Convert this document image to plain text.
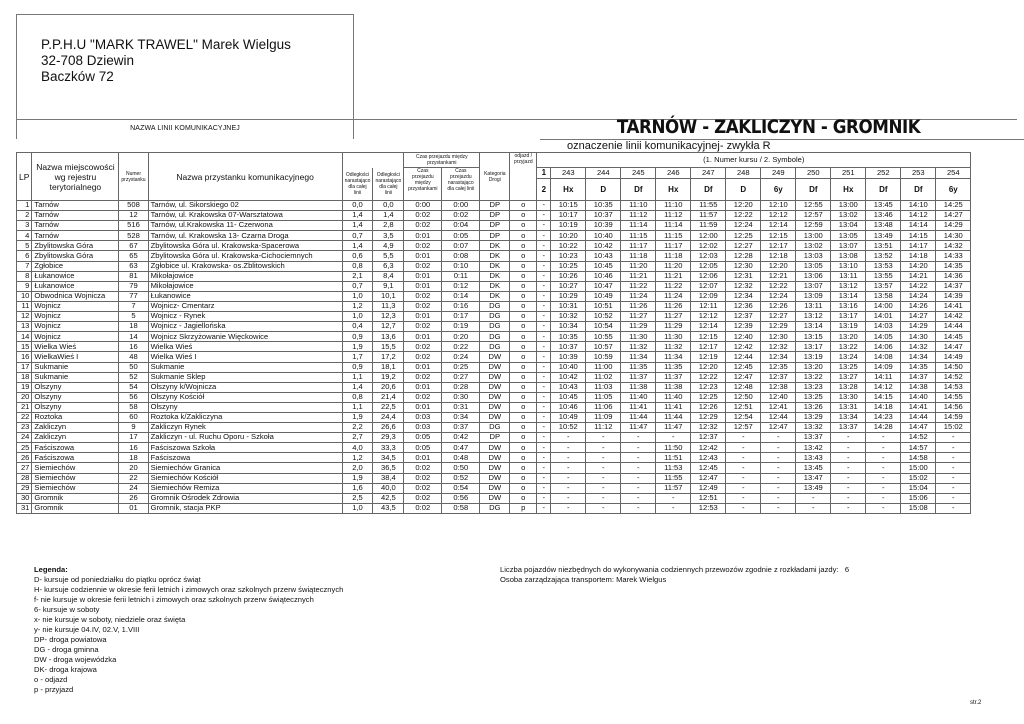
P.P.H.U "MARK TRAWEL" Marek Wielgus
32-708 Dziewin
Baczków 72
NAZWA LINII KOMUNIKACYJNEJ	TARNÓW - ZAKLICZYN - GROMNIK
oznaczenie linii komunikacyjnej- zwykła R
LP	Nazwa miejscowości wg rejestru terytorialnego	Numer przystanku	Nazwa przystanku komunikacyjnego			Czas przejazdu między przystankami		Kategoria Drogi	odjazd / przyjazd	(1. Numer kursu / 2. Symbole)												
				Odległości narastająco dla całej linii	Odległości narastająco dla całej linii	Czas przejazdu między przystankami	Czas przejazdu narastająco dla całej linii			1	243	244	245	246	247	248	249	250	251	252	253	254
										2	Hx	D	Df	Hx	Df	D	6y	Df	Hx	Df	Df	6y
1	Tarnów	508	Tarnów, ul. Sikorskiego 02	0,0	0,0	0:00	0:00	DP	o	-	10:15	10:35	11:10	11:10	11:55	12:20	12:10	12:55	13:00	13:45	14:10	14:25
2	Tarnów	12	Tarnów, ul. Krakowska 07-Warsztatowa	1,4	1,4	0:02	0:02	DP	o	-	10:17	10:37	11:12	11:12	11:57	12:22	12:12	12:57	13:02	13:46	14:12	14:27
3	Tarnów	516	Tarnów, ul.Krakowska 11- Czerwona	1,4	2,8	0:02	0:04	DP	o	-	10:19	10:39	11:14	11:14	11:59	12:24	12:14	12:59	13:04	13:48	14:14	14:29
4	Tarnów	528	Tarnów, ul. Krakowska 13- Czarna Droga	0,7	3,5	0:01	0:05	DP	o	-	10:20	10:40	11:15	11:15	12:00	12:25	12:15	13:00	13:05	13:49	14:15	14:30
5	Zbylitowska Góra	67	Zbylitowska Góra ul. Krakowska-Spacerowa	1,4	4,9	0:02	0:07	DK	o	-	10:22	10:42	11:17	11:17	12:02	12:27	12:17	13:02	13:07	13:51	14:17	14:32
6	Zbylitowska Góra	65	Zbylitowska Góra ul. Krakowska-Cichociemnych	0,6	5,5	0:01	0:08	DK	o	-	10:23	10:43	11:18	11:18	12:03	12:28	12:18	13:03	13:08	13:52	14:18	14:33
7	Zgłobice	63	Zgłobice ul. Krakowska- os.Zblitowskich	0,8	6,3	0:02	0:10	DK	o	-	10:25	10:45	11:20	11:20	12:05	12:30	12:20	13:05	13:10	13:53	14:20	14:35
8	Łukanowice	81	Mikołajowice	2,1	8,4	0:01	0:11	DK	o	-	10:26	10:46	11:21	11:21	12:06	12:31	12:21	13:06	13:11	13:55	14:21	14:36
9	Łukanowice	79	Mikołajowice	0,7	9,1	0:01	0:12	DK	o	-	10:27	10:47	11:22	11:22	12:07	12:32	12:22	13:07	13:12	13:57	14:22	14:37
10	Obwodnica Wojnicza	77	Łukanowice	1,0	10,1	0:02	0:14	DK	o	-	10:29	10:49	11:24	11:24	12:09	12:34	12:24	13:09	13:14	13:58	14:24	14:39
11	Wojnicz	7	Wojnicz- Cmentarz	1,2	11,3	0:02	0:16	DG	o	-	10:31	10:51	11:26	11:26	12:11	12:36	12:26	13:11	13:16	14:00	14:26	14:41
12	Wojnicz	5	Wojnicz - Rynek	1,0	12,3	0:01	0:17	DG	o	-	10:32	10:52	11:27	11:27	12:12	12:37	12:27	13:12	13:17	14:01	14:27	14:42
13	Wojnicz	18	Wojnicz - Jagiellońska	0,4	12,7	0:02	0:19	DG	o	-	10:34	10:54	11:29	11:29	12:14	12:39	12:29	13:14	13:19	14:03	14:29	14:44
14	Wojnicz	14	Wojnicz Skrzyżowanie Więckowice	0,9	13,6	0:01	0:20	DG	o	-	10:35	10:55	11:30	11:30	12:15	12:40	12:30	13:15	13:20	14:05	14:30	14:45
15	Wielka Wieś	16	Wielka Wieś	1,9	15,5	0:02	0:22	DG	o	-	10:37	10:57	11:32	11:32	12:17	12:42	12:32	13:17	13:22	14:06	14:32	14:47
16	WielkaWieś I	48	Wielka Wieś I	1,7	17,2	0:02	0:24	DW	o	-	10:39	10:59	11:34	11:34	12:19	12:44	12:34	13:19	13:24	14:08	14:34	14:49
17	Sukmanie	50	Sukmanie	0,9	18,1	0:01	0:25	DW	o	-	10:40	11:00	11:35	11:35	12:20	12:45	12:35	13:20	13:25	14:09	14:35	14:50
18	Sukmanie	52	Sukmanie Sklep	1,1	19,2	0:02	0:27	DW	o	-	10:42	11:02	11:37	11:37	12:22	12:47	12:37	13:22	13:27	14:11	14:37	14:52
19	Olszyny	54	Olszyny k/Wojnicza	1,4	20,6	0:01	0:28	DW	o	-	10:43	11:03	11:38	11:38	12:23	12:48	12:38	13:23	13:28	14:12	14:38	14:53
20	Olszyny	56	Olszyny Kościół	0,8	21,4	0:02	0:30	DW	o	-	10:45	11:05	11:40	11:40	12:25	12:50	12:40	13:25	13:30	14:15	14:40	14:55
21	Olszyny	58	Olszyny	1,1	22,5	0:01	0:31	DW	o	-	10:46	11:06	11:41	11:41	12:26	12:51	12:41	13:26	13:31	14:18	14:41	14:56
22	Roztoka	60	Roztoka k/Zakliczyna	1,9	24,4	0:03	0:34	DW	o	-	10:49	11:09	11:44	11:44	12:29	12:54	12:44	13:29	13:34	14:23	14:44	14:59
23	Zakliczyn	9	Zakliczyn Rynek	2,2	26,6	0:03	0:37	DG	o	-	10:52	11:12	11:47	11:47	12:32	12:57	12:47	13:32	13:37	14:28	14:47	15:02
24	Zakliczyn	17	Zakliczyn - ul. Ruchu Oporu - Szkoła	2,7	29,3	0:05	0:42	DP	o	-	-	-	-	-	12:37	-	-	13:37	-	-	14:52	-
25	Faściszowa	16	Faściszowa Szkoła	4,0	33,3	0:05	0:47	DW	o	-	-	-	-	11:50	12:42	-	-	13:42	-	-	14:57	-
26	Faściszowa	18	Faściszowa	1,2	34,5	0:01	0:48	DW	o	-	-	-	-	11:51	12:43	-	-	13:43	-	-	14:58	-
27	Siemiechów	20	Siemiechów Granica	2,0	36,5	0:02	0:50	DW	o	-	-	-	-	11:53	12:45	-	-	13:45	-	-	15:00	-
28	Siemiechów	22	Siemiechów Kościół	1,9	38,4	0:02	0:52	DW	o	-	-	-	-	11:55	12:47	-	-	13:47	-	-	15:02	-
29	Siemiechów	24	Siemiechów Remiza	1,6	40,0	0:02	0:54	DW	o	-	-	-	-	11:57	12:49	-	-	13:49	-	-	15:04	-
30	Gromnik	26	Gromnik Ośrodek Zdrowia	2,5	42,5	0:02	0:56	DW	o	-	-	-	-	-	12:51	-	-	-	-	-	15:06	-
31	Gromnik	01	Gromnik, stacja PKP	1,0	43,5	0:02	0:58	DG	p	-	-	-	-	-	12:53	-	-	-	-	-	15:08	-
Legenda:
D- kursuje od poniedziałku do piątku oprócz świąt
H- kursuje codziennie w okresie ferii letnich i zimowych oraz szkolnych przerw świątecznych
f- nie kursuje w okresie ferii letnich i zimowych oraz szkolnych przerw świątecznych
6- kursuje w soboty
x- nie kursuje w soboty, niedziele oraz święta
y- nie kursuje 04.IV, 02.V, 1.VIII
DP- droga powiatowa
DG - droga gminna
DW - droga wojewódzka
DK- droga krajowa
o - odjazd
p - przyjazd
Liczba pojazdów niezbędnych do wykonywania codziennych przewozów zgodnie z rozkładami jazdy: 6
Osoba zarządzająca transportem: Marek Wielgus
str.2
